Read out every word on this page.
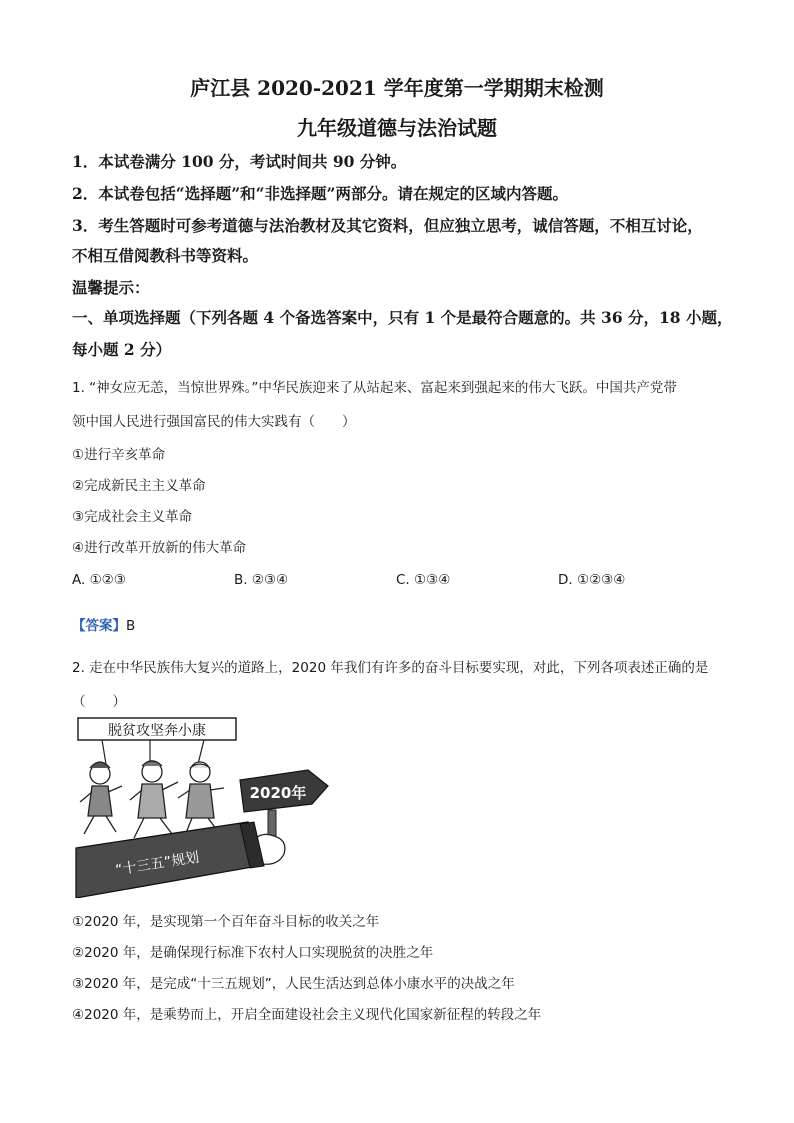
庐江县 2020-2021 学年度第一学期期末检测
九年级道德与法治试题
1．本试卷满分 100 分，考试时间共 90 分钟。
2．本试卷包括“选择题”和“非选择题”两部分。请在规定的区域内答题。
3．考生答题时可参考道德与法治教材及其它资料，但应独立思考，诚信答题，不相互讨论，
不相互借阅教科书等资料。
温馨提示：
一、单项选择题（下列各题 4 个备选答案中，只有 1 个是最符合题意的。共 36 分，18 小题，
每小题 2 分）
1. “神女应无恙，当惊世界殊。”中华民族迎来了从站起来、富起来到强起来的伟大飞跃。中国共产党带
领中国人民进行强国富民的伟大实践有（　　）
①进行辛亥革命
②完成新民主主义革命
③完成社会主义革命
④进行改革开放新的伟大革命
A. ①②③	B. ②③④	C. ①③④	D. ①②③④
【答案】B
2. 走在中华民族伟大复兴的道路上，2020 年我们有许多的奋斗目标要实现，对此，下列各项表述正确的是
（　　）
脱贫攻坚奔小康
2020年
“十三五”规划
①2020 年，是实现第一个百年奋斗目标的收关之年
②2020 年，是确保现行标准下农村人口实现脱贫的决胜之年
③2020 年，是完成“十三五规划”，人民生活达到总体小康水平的决战之年
④2020 年，是乘势而上，开启全面建设社会主义现代化国家新征程的转段之年
